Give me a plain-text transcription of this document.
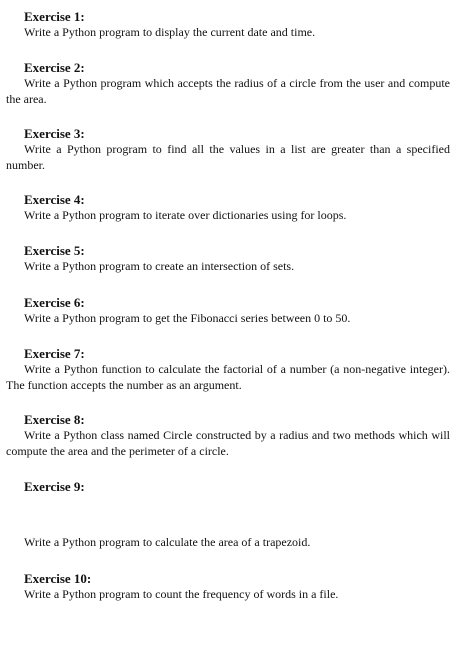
Exercise 1:

Write a Python program to display the current date and time.

Exercise 2:

Write a Python program which accepts the radius of a circle from the user and compute the area.

Exercise 3:

Write a Python program to find all the values in a list are greater than a specified number.

Exercise 4:

Write a Python program to iterate over dictionaries using for loops.

Exercise 5:

Write a Python program to create an intersection of sets.

Exercise 6:

Write a Python program to get the Fibonacci series between 0 to 50.

Exercise 7:

Write a Python function to calculate the factorial of a number (a non-negative integer). The function accepts the number as an argument.

Exercise 8:

Write a Python class named Circle constructed by a radius and two methods which will compute the area and the perimeter of a circle.

Exercise 9:

Write a Python program to calculate the area of a trapezoid.

Exercise 10:

Write a Python program to count the frequency of words in a file.
